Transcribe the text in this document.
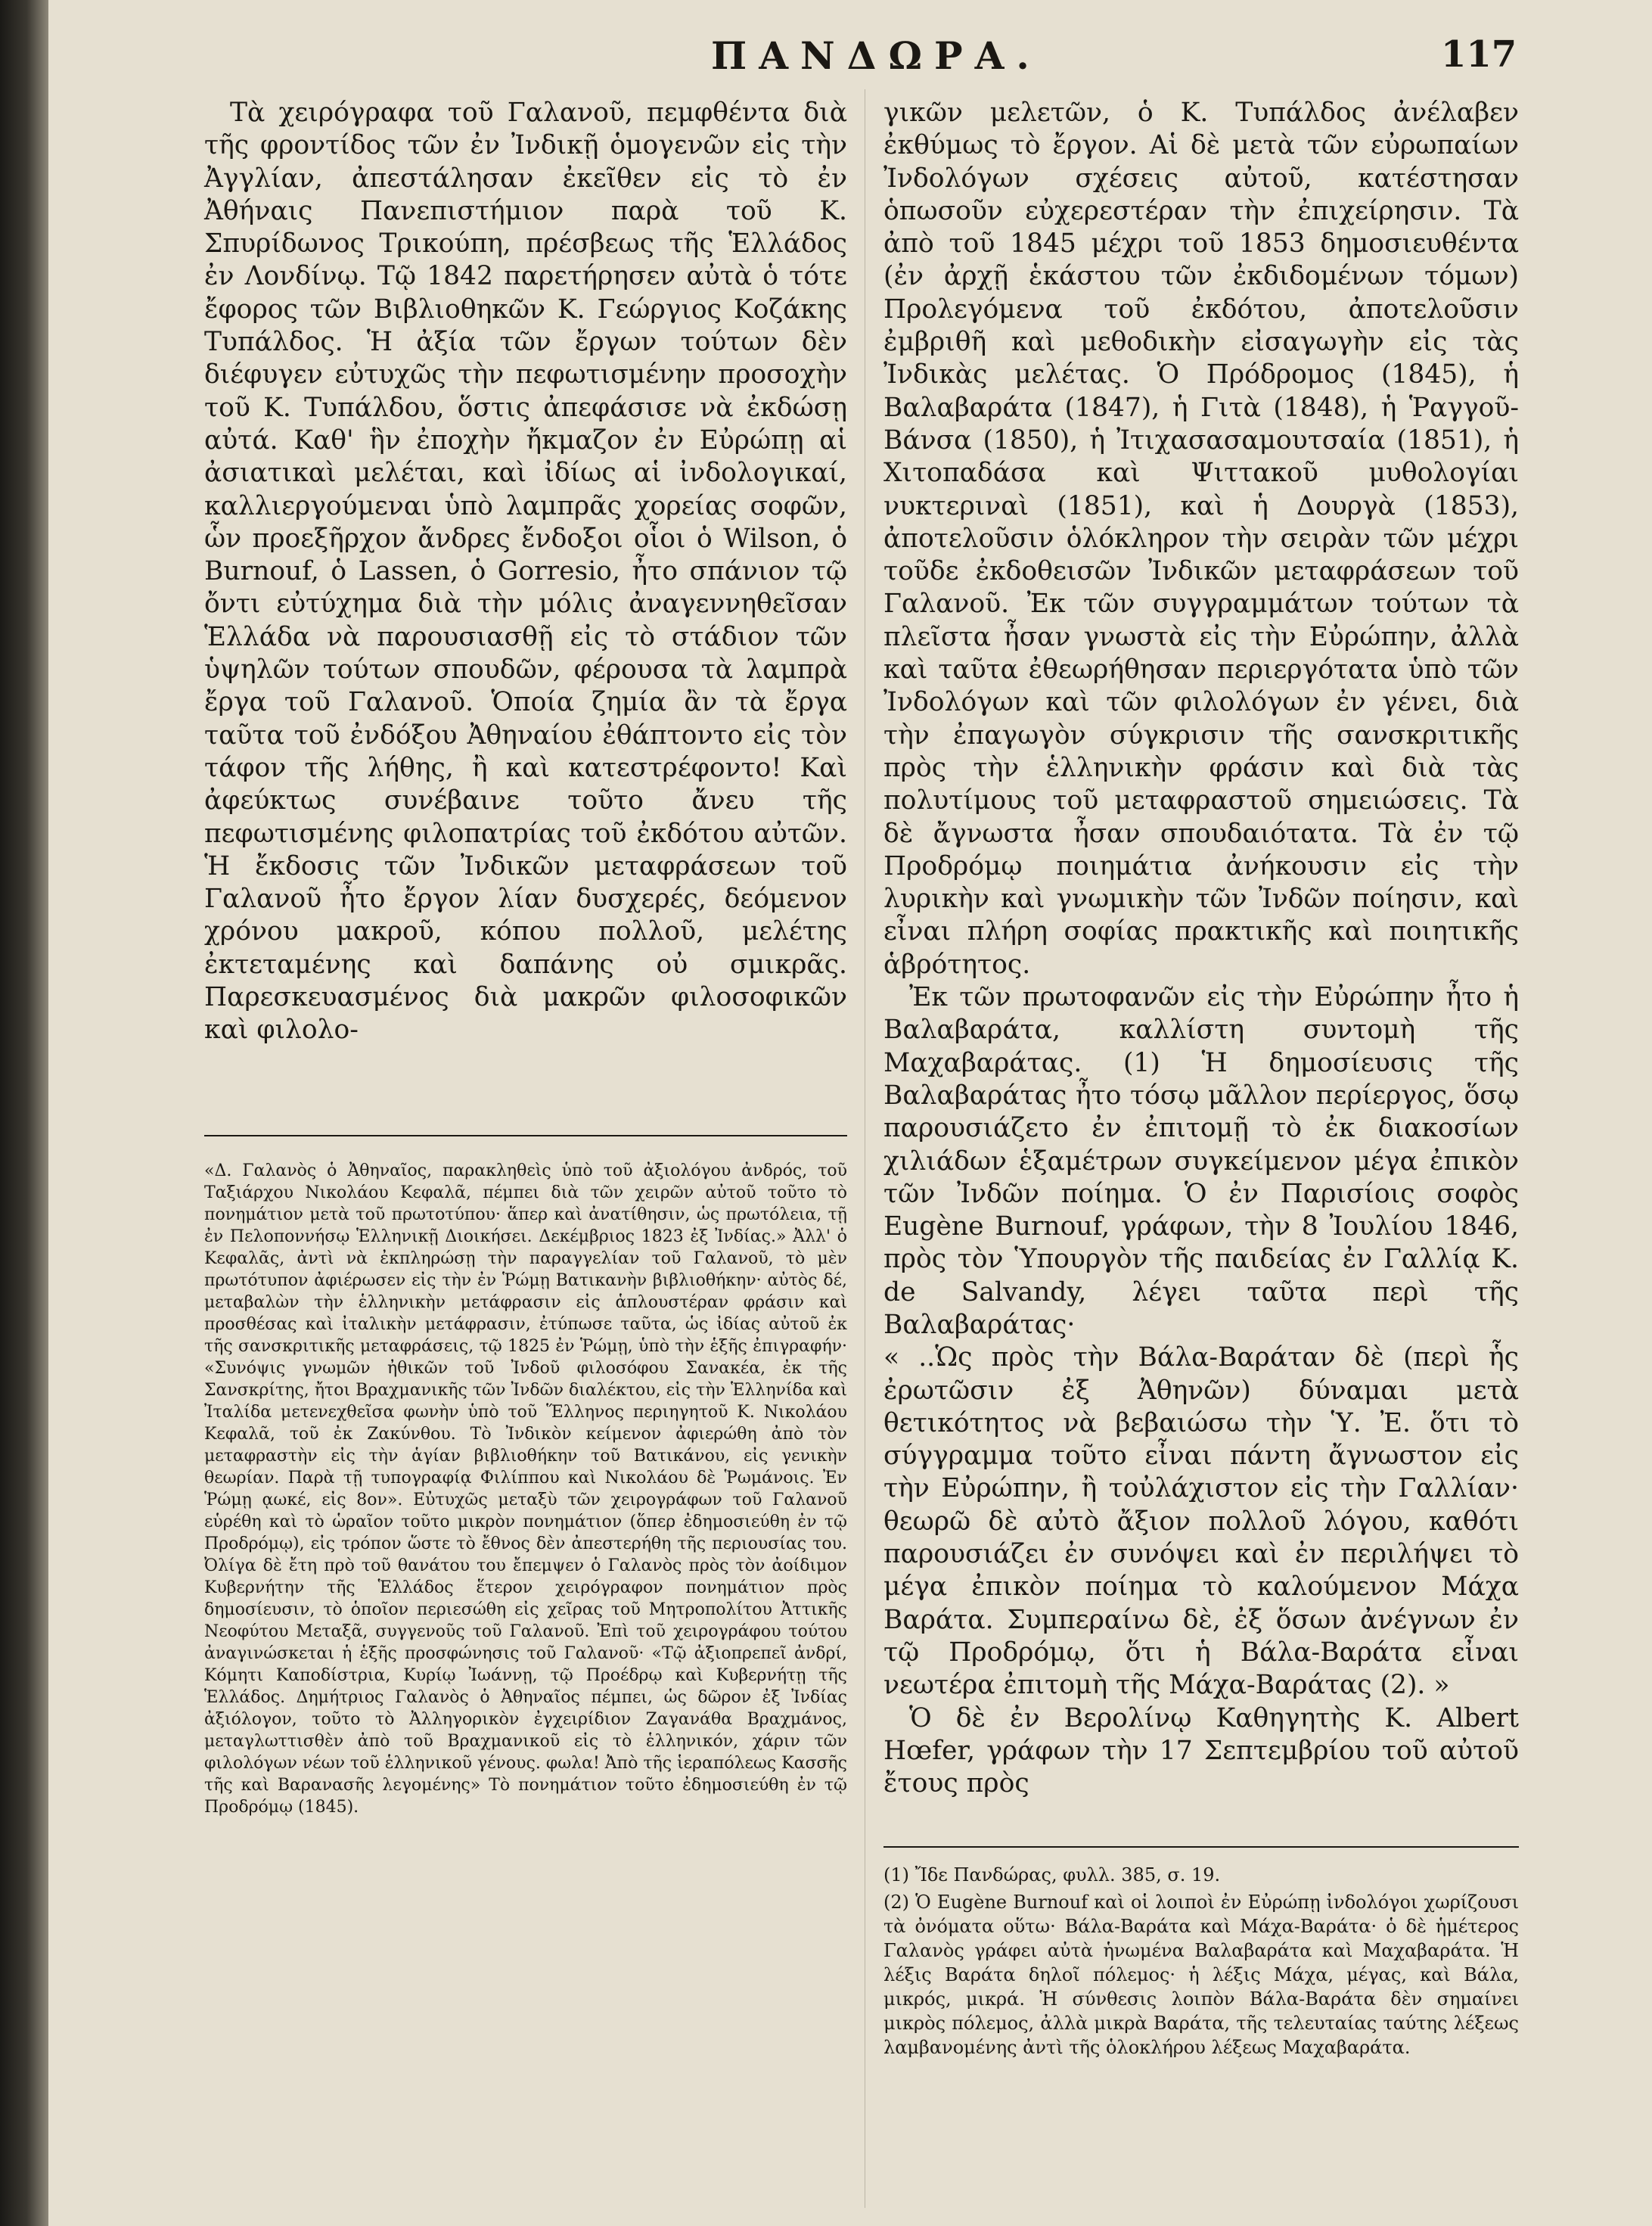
ΠΑΝΔΩΡΑ.	117

Τὰ χειρόγραφα τοῦ Γαλανοῦ, πεμφθέντα διὰ τῆς φροντίδος τῶν ἐν Ἰνδικῇ ὁμογενῶν εἰς τὴν Ἀγγλίαν, ἀπεστάλησαν ἐκεῖθεν εἰς τὸ ἐν Ἀθήναις Πανεπιστήμιον παρὰ τοῦ Κ. Σπυρίδωνος Τρικούπη, πρέσβεως τῆς Ἑλλάδος ἐν Λονδίνῳ. Τῷ 1842 παρετήρησεν αὐτὰ ὁ τότε ἔφορος τῶν Βιβλιοθηκῶν Κ. Γεώργιος Κοζάκης Τυπάλδος. Ἡ ἀξία τῶν ἔργων τούτων δὲν διέφυγεν εὐτυχῶς τὴν πεφωτισμένην προσοχὴν τοῦ Κ. Τυπάλδου, ὅστις ἀπεφάσισε νὰ ἐκδώσῃ αὐτά. Καθ' ἣν ἐποχὴν ἤκμαζον ἐν Εὐρώπῃ αἱ ἀσιατικαὶ μελέται, καὶ ἰδίως αἱ ἰνδολογικαί, καλλιεργούμεναι ὑπὸ λαμπρᾶς χορείας σοφῶν, ὧν προεξῆρχον ἄνδρες ἔνδοξοι οἷοι ὁ Wilson, ὁ Burnouf, ὁ Lassen, ὁ Gorresio, ἦτο σπάνιον τῷ ὄντι εὐτύχημα διὰ τὴν μόλις ἀναγεννηθεῖσαν Ἑλλάδα νὰ παρουσιασθῇ εἰς τὸ στάδιον τῶν ὑψηλῶν τούτων σπουδῶν, φέρουσα τὰ λαμπρὰ ἔργα τοῦ Γαλανοῦ. Ὁποία ζημία ἂν τὰ ἔργα ταῦτα τοῦ ἐνδόξου Ἀθηναίου ἐθάπτοντο εἰς τὸν τάφον τῆς λήθης, ἢ καὶ κατεστρέφοντο! Καὶ ἀφεύκτως συνέβαινε τοῦτο ἄνευ τῆς πεφωτισμένης φιλοπατρίας τοῦ ἐκδότου αὐτῶν. Ἡ ἔκδοσις τῶν Ἰνδικῶν μεταφράσεων τοῦ Γαλανοῦ ἦτο ἔργον λίαν δυσχερές, δεόμενον χρόνου μακροῦ, κόπου πολλοῦ, μελέτης ἐκτεταμένης καὶ δαπάνης οὐ σμικρᾶς. Παρεσκευασμένος διὰ μακρῶν φιλοσοφικῶν καὶ φιλολο-

«Δ. Γαλανὸς ὁ Ἀθηναῖος, παρακληθεὶς ὑπὸ τοῦ ἀξιολόγου ἀνδρός, τοῦ Ταξιάρχου Νικολάου Κεφαλᾶ, πέμπει διὰ τῶν χειρῶν αὐτοῦ τοῦτο τὸ πονημάτιον μετὰ τοῦ πρωτοτύπου· ἅπερ καὶ ἀνατίθησιν, ὡς πρωτόλεια, τῇ ἐν Πελοποννήσῳ Ἑλληνικῇ Διοικήσει. Δεκέμβριος 1823 ἐξ Ἰνδίας.» Ἀλλ' ὁ Κεφαλᾶς, ἀντὶ νὰ ἐκπληρώσῃ τὴν παραγγελίαν τοῦ Γαλανοῦ, τὸ μὲν πρωτότυπον ἀφιέρωσεν εἰς τὴν ἐν Ῥώμῃ Βατικανὴν βιβλιοθήκην· αὐτὸς δέ, μεταβαλὼν τὴν ἑλληνικὴν μετάφρασιν εἰς ἁπλουστέραν φράσιν καὶ προσθέσας καὶ ἰταλικὴν μετάφρασιν, ἐτύπωσε ταῦτα, ὡς ἰδίας αὐτοῦ ἐκ τῆς σανσκριτικῆς μεταφράσεις, τῷ 1825 ἐν Ῥώμῃ, ὑπὸ τὴν ἑξῆς ἐπιγραφήν· «Συνόψις γνωμῶν ἠθικῶν τοῦ Ἰνδοῦ φιλοσόφου Σανακέα, ἐκ τῆς Σανσκρίτης, ἤτοι Βραχμανικῆς τῶν Ἰνδῶν διαλέκτου, εἰς τὴν Ἑλληνίδα καὶ Ἰταλίδα μετενεχθεῖσα φωνὴν ὑπὸ τοῦ Ἕλληνος περιηγητοῦ Κ. Νικολάου Κεφαλᾶ, τοῦ ἐκ Ζακύνθου. Τὸ Ἰνδικὸν κείμενον ἀφιερώθη ἀπὸ τὸν μεταφραστὴν εἰς τὴν ἁγίαν βιβλιοθήκην τοῦ Βατικάνου, εἰς γενικὴν θεωρίαν. Παρὰ τῇ τυπογραφίᾳ Φιλίππου καὶ Νικολάου δὲ Ῥωμάνοις. Ἐν Ῥώμῃ ᾳωκέ, εἰς 8ον». Εὐτυχῶς μεταξὺ τῶν χειρογράφων τοῦ Γαλανοῦ εὑρέθη καὶ τὸ ὡραῖον τοῦτο μικρὸν πονημάτιον (ὅπερ ἐδημοσιεύθη ἐν τῷ Προδρόμῳ), εἰς τρόπον ὥστε τὸ ἔθνος δὲν ἀπεστερήθη τῆς περιουσίας του. Ὀλίγα δὲ ἔτη πρὸ τοῦ θανάτου του ἔπεμψεν ὁ Γαλανὸς πρὸς τὸν ἀοίδιμον Κυβερνήτην τῆς Ἑλλάδος ἕτερον χειρόγραφον πονημάτιον πρὸς δημοσίευσιν, τὸ ὁποῖον περιεσώθη εἰς χεῖρας τοῦ Μητροπολίτου Ἀττικῆς Νεοφύτου Μεταξᾶ, συγγενοῦς τοῦ Γαλανοῦ. Ἐπὶ τοῦ χειρογράφου τούτου ἀναγινώσκεται ἡ ἑξῆς προσφώνησις τοῦ Γαλανοῦ· «Τῷ ἀξιοπρεπεῖ ἀνδρί, Κόμητι Καποδίστρια, Κυρίῳ Ἰωάννῃ, τῷ Προέδρῳ καὶ Κυβερνήτῃ τῆς Ἑλλάδος. Δημήτριος Γαλανὸς ὁ Ἀθηναῖος πέμπει, ὡς δῶρον ἐξ Ἰνδίας ἀξιόλογον, τοῦτο τὸ Ἀλληγορικὸν ἐγχειρίδιον Ζαγανάθα Βραχμάνος, μεταγλωττισθὲν ἀπὸ τοῦ Βραχμανικοῦ εἰς τὸ ἑλληνικόν, χάριν τῶν φιλολόγων νέων τοῦ ἑλληνικοῦ γένους. φωλα! Ἀπὸ τῆς ἱεραπόλεως Κασσῆς τῆς καὶ Βαρανασῆς λεγομένης» Τὸ πονημάτιον τοῦτο ἐδημοσιεύθη ἐν τῷ Προδρόμῳ (1845).

γικῶν μελετῶν, ὁ Κ. Τυπάλδος ἀνέλαβεν ἐκθύμως τὸ ἔργον. Αἱ δὲ μετὰ τῶν εὐρωπαίων Ἰνδολόγων σχέσεις αὐτοῦ, κατέστησαν ὁπωσοῦν εὐχερεστέραν τὴν ἐπιχείρησιν. Τὰ ἀπὸ τοῦ 1845 μέχρι τοῦ 1853 δημοσιευθέντα (ἐν ἀρχῇ ἑκάστου τῶν ἐκδιδομένων τόμων) Προλεγόμενα τοῦ ἐκδότου, ἀποτελοῦσιν ἐμβριθῆ καὶ μεθοδικὴν εἰσαγωγὴν εἰς τὰς Ἰνδικὰς μελέτας. Ὁ Πρόδρομος (1845), ἡ Βαλαβαράτα (1847), ἡ Γιτὰ (1848), ἡ Ῥαγγοῦ-Βάνσα (1850), ἡ Ἰτιχασασαμουτσαία (1851), ἡ Χιτοπαδάσα καὶ Ψιττακοῦ μυθολογίαι νυκτεριναὶ (1851), καὶ ἡ Δουργὰ (1853), ἀποτελοῦσιν ὁλόκληρον τὴν σειρὰν τῶν μέχρι τοῦδε ἐκδοθεισῶν Ἰνδικῶν μεταφράσεων τοῦ Γαλανοῦ. Ἐκ τῶν συγγραμμάτων τούτων τὰ πλεῖστα ἦσαν γνωστὰ εἰς τὴν Εὐρώπην, ἀλλὰ καὶ ταῦτα ἐθεωρήθησαν περιεργότατα ὑπὸ τῶν Ἰνδολόγων καὶ τῶν φιλολόγων ἐν γένει, διὰ τὴν ἐπαγωγὸν σύγκρισιν τῆς σανσκριτικῆς πρὸς τὴν ἑλληνικὴν φράσιν καὶ διὰ τὰς πολυτίμους τοῦ μεταφραστοῦ σημειώσεις. Τὰ δὲ ἄγνωστα ἦσαν σπουδαιότατα. Τὰ ἐν τῷ Προδρόμῳ ποιημάτια ἀνήκουσιν εἰς τὴν λυρικὴν καὶ γνωμικὴν τῶν Ἰνδῶν ποίησιν, καὶ εἶναι πλήρη σοφίας πρακτικῆς καὶ ποιητικῆς ἁβρότητος.

Ἐκ τῶν πρωτοφανῶν εἰς τὴν Εὐρώπην ἦτο ἡ Βαλαβαράτα, καλλίστη συντομὴ τῆς Μαχαβαράτας. (1) Ἡ δημοσίευσις τῆς Βαλαβαράτας ἦτο τόσῳ μᾶλλον περίεργος, ὅσῳ παρουσιάζετο ἐν ἐπιτομῇ τὸ ἐκ διακοσίων χιλιάδων ἑξαμέτρων συγκείμενον μέγα ἐπικὸν τῶν Ἰνδῶν ποίημα. Ὁ ἐν Παρισίοις σοφὸς Eugène Burnouf, γράφων, τὴν 8 Ἰουλίου 1846, πρὸς τὸν Ὑπουργὸν τῆς παιδείας ἐν Γαλλίᾳ Κ. de Salvandy, λέγει ταῦτα περὶ τῆς Βαλαβαράτας·

« ..Ὡς πρὸς τὴν Βάλα-Βαράταν δὲ (περὶ ἧς ἐρωτῶσιν ἐξ Ἀθηνῶν) δύναμαι μετὰ θετικότητος νὰ βεβαιώσω τὴν Ὑ. Ἐ. ὅτι τὸ σύγγραμμα τοῦτο εἶναι πάντη ἄγνωστον εἰς τὴν Εὐρώπην, ἢ τοὐλάχιστον εἰς τὴν Γαλλίαν· θεωρῶ δὲ αὐτὸ ἄξιον πολλοῦ λόγου, καθότι παρουσιάζει ἐν συνόψει καὶ ἐν περιλήψει τὸ μέγα ἐπικὸν ποίημα τὸ καλούμενον Μάχα Βαράτα. Συμπεραίνω δὲ, ἐξ ὅσων ἀνέγνων ἐν τῷ Προδρόμῳ, ὅτι ἡ Βάλα-Βαράτα εἶναι νεωτέρα ἐπιτομὴ τῆς Μάχα-Βαράτας (2). »

Ὁ δὲ ἐν Βερολίνῳ Καθηγητὴς Κ. Albert Hœfer, γράφων τὴν 17 Σεπτεμβρίου τοῦ αὐτοῦ ἔτους πρὸς

(1) Ἴδε Πανδώρας, φυλλ. 385, σ. 19.

(2) Ὁ Eugène Burnouf καὶ οἱ λοιποὶ ἐν Εὐρώπῃ ἰνδολόγοι χωρίζουσι τὰ ὀνόματα οὕτω· Βάλα-Βαράτα καὶ Μάχα-Βαράτα· ὁ δὲ ἡμέτερος Γαλανὸς γράφει αὐτὰ ἡνωμένα Βαλαβαράτα καὶ Μαχαβαράτα. Ἡ λέξις Βαράτα δηλοῖ πόλεμος· ἡ λέξις Μάχα, μέγας, καὶ Βάλα, μικρός, μικρά. Ἡ σύνθεσις λοιπὸν Βάλα-Βαράτα δὲν σημαίνει μικρὸς πόλεμος, ἀλλὰ μικρὰ Βαράτα, τῆς τελευταίας ταύτης λέξεως λαμβανομένης ἀντὶ τῆς ὁλοκλήρου λέξεως Μαχαβαράτα.
